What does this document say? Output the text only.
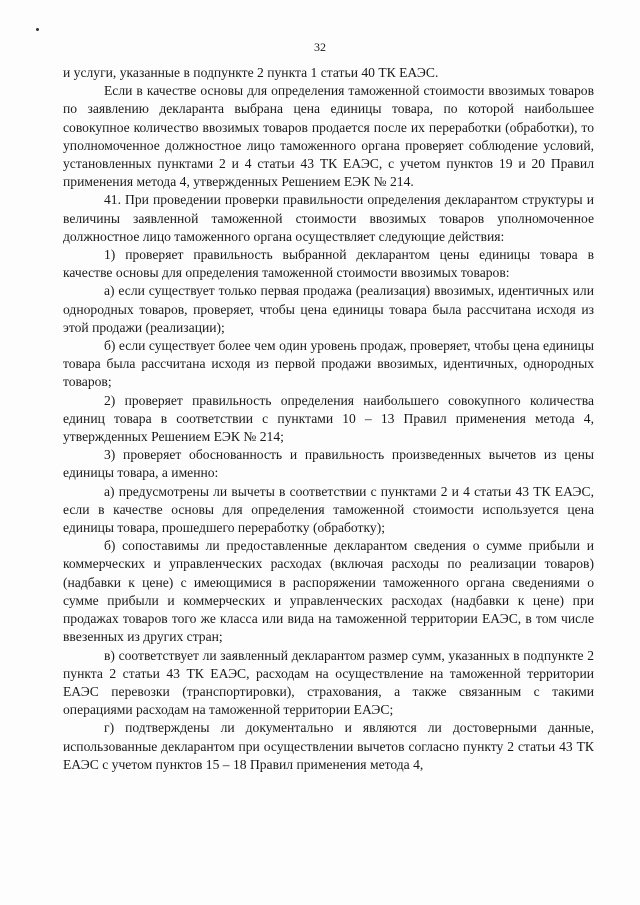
32

и услуги, указанные в подпункте 2 пункта 1 статьи 40 ТК ЕАЭС.

Если в качестве основы для определения таможенной стоимости ввозимых товаров по заявлению декларанта выбрана цена единицы товара, по которой наибольшее совокупное количество ввозимых товаров продается после их переработки (обработки), то уполномоченное должностное лицо таможенного органа проверяет соблюдение условий, установленных пунктами 2 и 4 статьи 43 ТК ЕАЭС, с учетом пунктов 19 и 20 Правил применения метода 4, утвержденных Решением ЕЭК № 214.

41. При проведении проверки правильности определения декларантом структуры и величины заявленной таможенной стоимости ввозимых товаров уполномоченное должностное лицо таможенного органа осуществляет следующие действия:

1) проверяет правильность выбранной декларантом цены единицы товара в качестве основы для определения таможенной стоимости ввозимых товаров:

а) если существует только первая продажа (реализация) ввозимых, идентичных или однородных товаров, проверяет, чтобы цена единицы товара была рассчитана исходя из этой продажи (реализации);

б) если существует более чем один уровень продаж, проверяет, чтобы цена единицы товара была рассчитана исходя из первой продажи ввозимых, идентичных, однородных товаров;

2) проверяет правильность определения наибольшего совокупного количества единиц товара в соответствии с пунктами 10 – 13 Правил применения метода 4, утвержденных Решением ЕЭК № 214;

3) проверяет обоснованность и правильность произведенных вычетов из цены единицы товара, а именно:

а) предусмотрены ли вычеты в соответствии с пунктами 2 и 4 статьи 43 ТК ЕАЭС, если в качестве основы для определения таможенной стоимости используется цена единицы товара, прошедшего переработку (обработку);

б) сопоставимы ли предоставленные декларантом сведения о сумме прибыли и коммерческих и управленческих расходах (включая расходы по реализации товаров) (надбавки к цене) с имеющимися в распоряжении таможенного органа сведениями о сумме прибыли и коммерческих и управленческих расходах (надбавки к цене) при продажах товаров того же класса или вида на таможенной территории ЕАЭС, в том числе ввезенных из других стран;

в) соответствует ли заявленный декларантом размер сумм, указанных в подпункте 2 пункта 2 статьи 43 ТК ЕАЭС, расходам на осуществление на таможенной территории ЕАЭС перевозки (транспортировки), страхования, а также связанным с такими операциями расходам на таможенной территории ЕАЭС;

г) подтверждены ли документально и являются ли достоверными данные, использованные декларантом при осуществлении вычетов согласно пункту 2 статьи 43 ТК ЕАЭС с учетом пунктов 15 – 18 Правил применения метода 4,
